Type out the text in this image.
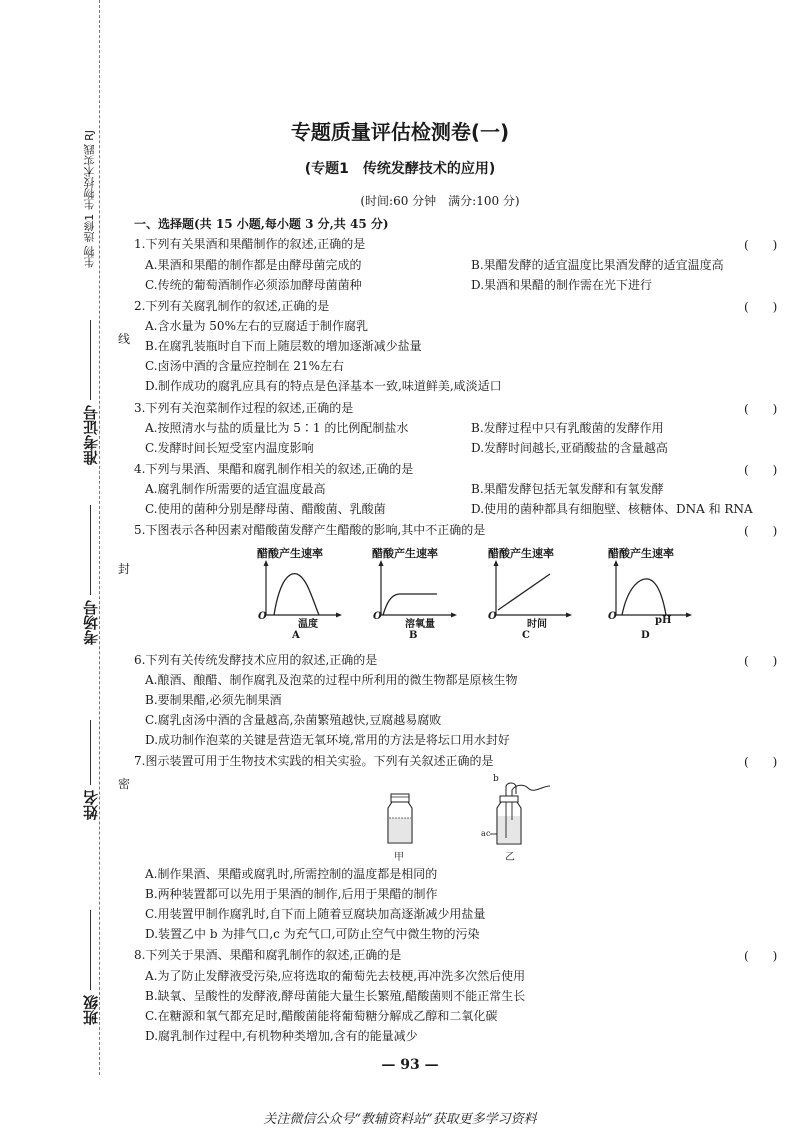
生物 选修1 生物技术实践 RJ
准考证号
考场号
姓名
班级
线
封
密
专题质量评估检测卷(一)
(专题1　传统发酵技术的应用)
(时间:60 分钟　满分:100 分)
一、选择题(共 15 小题,每小题 3 分,共 45 分)
1.下列有关果酒和果醋制作的叙述,正确的是	(　　)
A.果酒和果醋的制作都是由酵母菌完成的	B.果醋发酵的适宜温度比果酒发酵的适宜温度高
C.传统的葡萄酒制作必须添加酵母菌菌种	D.果酒和果醋的制作需在光下进行
2.下列有关腐乳制作的叙述,正确的是	(　　)
A.含水量为 50%左右的豆腐适于制作腐乳
B.在腐乳装瓶时自下而上随层数的增加逐渐减少盐量
C.卤汤中酒的含量应控制在 21%左右
D.制作成功的腐乳应具有的特点是色泽基本一致,味道鲜美,咸淡适口
3.下列有关泡菜制作过程的叙述,正确的是	(　　)
A.按照清水与盐的质量比为 5∶1 的比例配制盐水	B.发酵过程中只有乳酸菌的发酵作用
C.发酵时间长短受室内温度影响	D.发酵时间越长,亚硝酸盐的含量越高
4.下列与果酒、果醋和腐乳制作相关的叙述,正确的是	(　　)
A.腐乳制作所需要的适宜温度最高	B.果醋发酵包括无氧发酵和有氧发酵
C.使用的菌种分别是酵母菌、醋酸菌、乳酸菌	D.使用的菌种都具有细胞壁、核糖体、DNA 和 RNA
5.下图表示各种因素对醋酸菌发酵产生醋酸的影响,其中不正确的是	(　　)
醋酸产生速率
O
温度
A
醋酸产生速率
O
溶氧量
B
醋酸产生速率
O
时间
C
醋酸产生速率
O	pH
D
6.下列有关传统发酵技术应用的叙述,正确的是	(　　)
A.酿酒、酿醋、制作腐乳及泡菜的过程中所利用的微生物都是原核生物
B.要制果醋,必须先制果酒
C.腐乳卤汤中酒的含量越高,杂菌繁殖越快,豆腐越易腐败
D.成功制作泡菜的关键是营造无氧环境,常用的方法是将坛口用水封好
7.图示装置可用于生物技术实践的相关实验。下列有关叙述正确的是	(　　)
甲
b
a c
乙
A.制作果酒、果醋或腐乳时,所需控制的温度都是相同的
B.两种装置都可以先用于果酒的制作,后用于果醋的制作
C.用装置甲制作腐乳时,自下而上随着豆腐块加高逐渐减少用盐量
D.装置乙中 b 为排气口,c 为充气口,可防止空气中微生物的污染
8.下列关于果酒、果醋和腐乳制作的叙述,正确的是	(　　)
A.为了防止发酵液受污染,应将选取的葡萄先去枝梗,再冲洗多次然后使用
B.缺氧、呈酸性的发酵液,酵母菌能大量生长繁殖,醋酸菌则不能正常生长
C.在糖源和氧气都充足时,醋酸菌能将葡萄糖分解成乙醇和二氧化碳
D.腐乳制作过程中,有机物种类增加,含有的能量减少
— 93 —
关注微信公众号“教辅资料站”获取更多学习资料
